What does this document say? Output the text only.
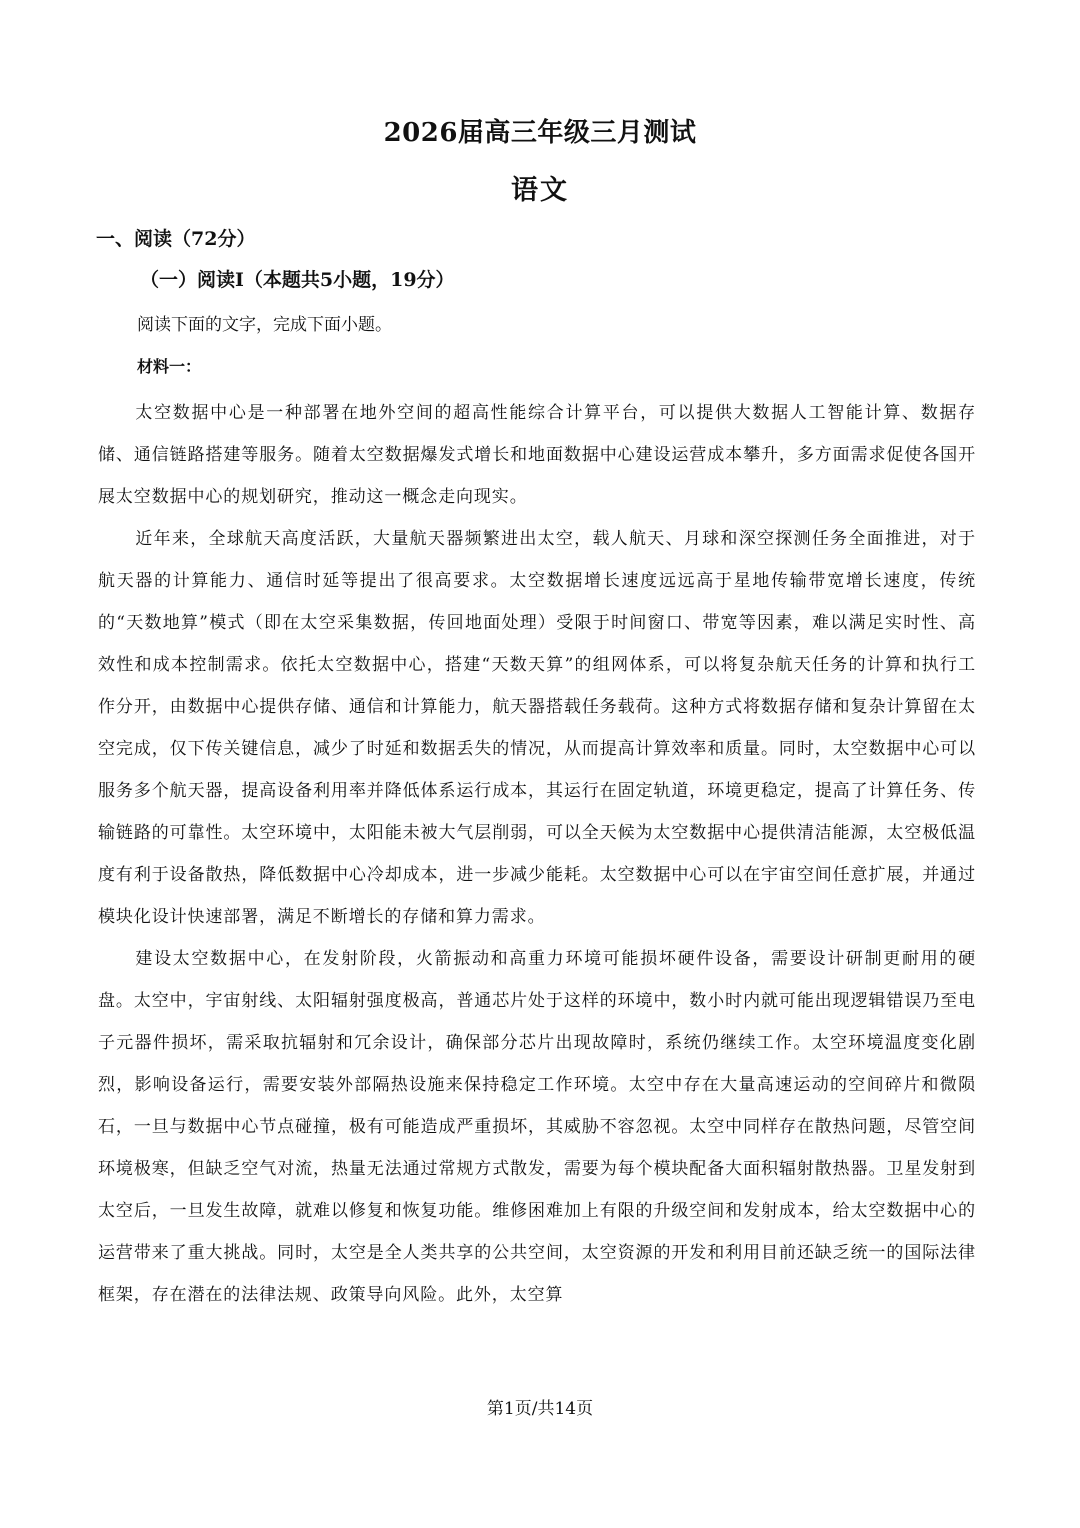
2026届高三年级三月测试
语文
一、阅读（72分）
（一）阅读Ⅰ（本题共5小题，19分）
阅读下面的文字，完成下面小题。
材料一：

太空数据中心是一种部署在地外空间的超高性能综合计算平台，可以提供大数据人工智能计算、数据存储、通信链路搭建等服务。随着太空数据爆发式增长和地面数据中心建设运营成本攀升，多方面需求促使各国开展太空数据中心的规划研究，推动这一概念走向现实。

近年来，全球航天高度活跃，大量航天器频繁进出太空，载人航天、月球和深空探测任务全面推进，对于航天器的计算能力、通信时延等提出了很高要求。太空数据增长速度远远高于星地传输带宽增长速度，传统的“天数地算”模式（即在太空采集数据，传回地面处理）受限于时间窗口、带宽等因素，难以满足实时性、高效性和成本控制需求。依托太空数据中心，搭建“天数天算”的组网体系，可以将复杂航天任务的计算和执行工作分开，由数据中心提供存储、通信和计算能力，航天器搭载任务载荷。这种方式将数据存储和复杂计算留在太空完成，仅下传关键信息，减少了时延和数据丢失的情况，从而提高计算效率和质量。同时，太空数据中心可以服务多个航天器，提高设备利用率并降低体系运行成本，其运行在固定轨道，环境更稳定，提高了计算任务、传输链路的可靠性。太空环境中，太阳能未被大气层削弱，可以全天候为太空数据中心提供清洁能源，太空极低温度有利于设备散热，降低数据中心冷却成本，进一步减少能耗。太空数据中心可以在宇宙空间任意扩展，并通过模块化设计快速部署，满足不断增长的存储和算力需求。

建设太空数据中心，在发射阶段，火箭振动和高重力环境可能损坏硬件设备，需要设计研制更耐用的硬盘。太空中，宇宙射线、太阳辐射强度极高，普通芯片处于这样的环境中，数小时内就可能出现逻辑错误乃至电子元器件损坏，需采取抗辐射和冗余设计，确保部分芯片出现故障时，系统仍继续工作。太空环境温度变化剧烈，影响设备运行，需要安装外部隔热设施来保持稳定工作环境。太空中存在大量高速运动的空间碎片和微陨石，一旦与数据中心节点碰撞，极有可能造成严重损坏，其威胁不容忽视。太空中同样存在散热问题，尽管空间环境极寒，但缺乏空气对流，热量无法通过常规方式散发，需要为每个模块配备大面积辐射散热器。卫星发射到太空后，一旦发生故障，就难以修复和恢复功能。维修困难加上有限的升级空间和发射成本，给太空数据中心的运营带来了重大挑战。同时，太空是全人类共享的公共空间，太空资源的开发和利用目前还缺乏统一的国际法律框架，存在潜在的法律法规、政策导向风险。此外，太空算

第1页/共14页
